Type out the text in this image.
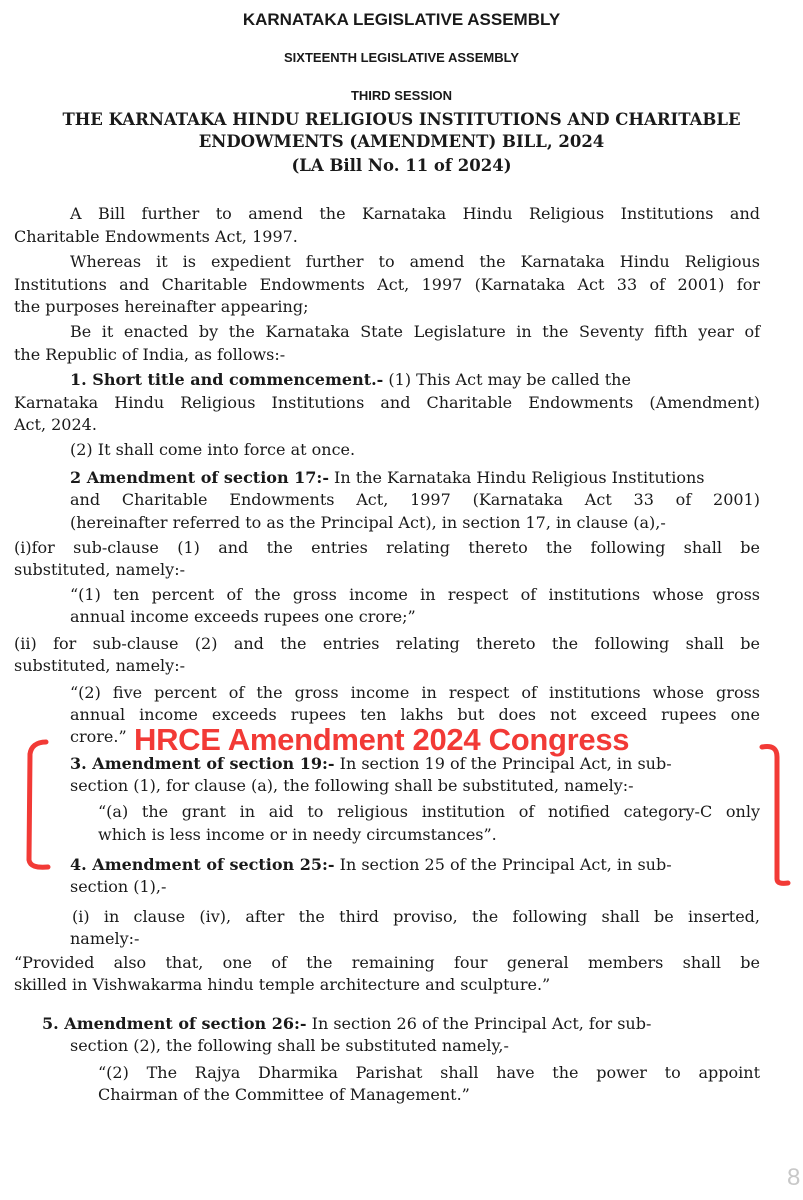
KARNATAKA LEGISLATIVE ASSEMBLY
SIXTEENTH LEGISLATIVE ASSEMBLY
THIRD SESSION
THE KARNATAKA HINDU RELIGIOUS INSTITUTIONS AND CHARITABLE
ENDOWMENTS (AMENDMENT) BILL, 2024
(LA Bill No. 11 of 2024)
A Bill further to amend the Karnataka Hindu Religious Institutions and
Charitable Endowments Act, 1997.
Whereas it is expedient further to amend the Karnataka Hindu Religious
Institutions and Charitable Endowments Act, 1997 (Karnataka Act 33 of 2001) for
the purposes hereinafter appearing;
Be it enacted by the Karnataka State Legislature in the Seventy fifth year of
the Republic of India, as follows:-
1. Short title and commencement.- (1) This Act may be called the
Karnataka Hindu Religious Institutions and Charitable Endowments (Amendment)
Act, 2024.
(2) It shall come into force at once.
2 Amendment of section 17:- In the Karnataka Hindu Religious Institutions
and Charitable Endowments Act, 1997 (Karnataka Act 33 of 2001)
(hereinafter referred to as the Principal Act), in section 17, in clause (a),-
(i)for sub-clause (1) and the entries relating thereto the following shall be
substituted, namely:-
“(1) ten percent of the gross income in respect of institutions whose gross
annual income exceeds rupees one crore;”
(ii) for sub-clause (2) and the entries relating thereto the following shall be
substituted, namely:-
“(2) five percent of the gross income in respect of institutions whose gross
annual income exceeds rupees ten lakhs but does not exceed rupees one
crore.” HRCE Amendment 2024 Congress
3. Amendment of section 19:- In section 19 of the Principal Act, in sub-
section (1), for clause (a), the following shall be substituted, namely:-
“(a) the grant in aid to religious institution of notified category-C only
which is less income or in needy circumstances”.
4. Amendment of section 25:- In section 25 of the Principal Act, in sub-
section (1),-
(i) in clause (iv), after the third proviso, the following shall be inserted,
namely:-
“Provided also that, one of the remaining four general members shall be
skilled in Vishwakarma hindu temple architecture and sculpture.”
5. Amendment of section 26:- In section 26 of the Principal Act, for sub-
section (2), the following shall be substituted namely,-
“(2) The Rajya Dharmika Parishat shall have the power to appoint
Chairman of the Committee of Management.”
8
